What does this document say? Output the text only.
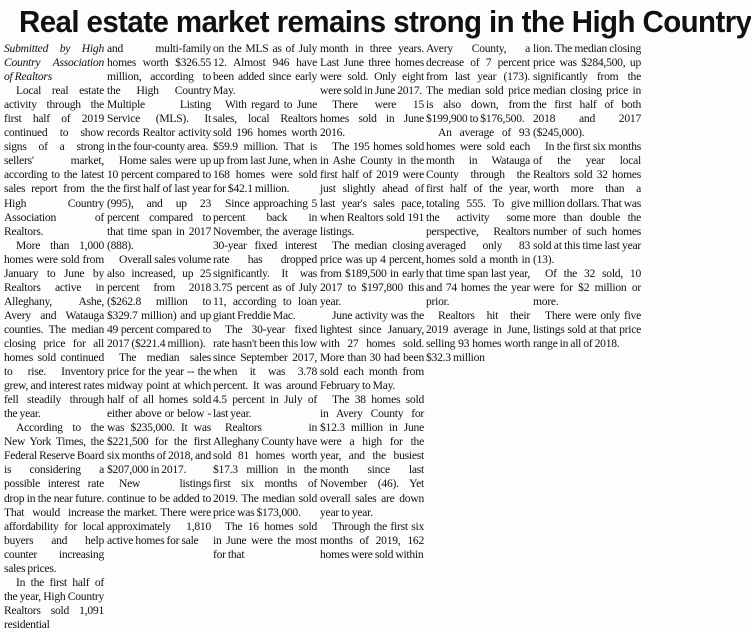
Real estate market remains strong in the High Country

Submitted by High Country Association of Realtors

Local real estate activity through the first half of 2019 continued to show signs of a strong sellers' market, according to the latest sales report from the High Country Association of Realtors.

More than 1,000 homes were sold from January to June by Realtors active in Alleghany, Ashe, Avery and Watauga counties. The median closing price for all homes sold continued to rise. Inventory grew, and interest rates fell steadily through the year.

According to the New York Times, the Federal Reserve Board is considering a possible interest rate drop in the near future. That would increase affordability for local buyers and help counter increasing sales prices.

In the first half of the year, High Country Realtors sold 1,091 residential

and multi-family homes worth $326.55 million, according to the High Country Multiple Listing Service (MLS). It records Realtor activity in the four-county area.

Home sales were up 10 percent compared to the first half of last year (995), and up 23 percent compared to that time span in 2017 (888).

Overall sales volume also increased, up 25 percent from 2018 ($262.8 million to $329.7 million) and up 49 percent compared to 2017 ($221.4 million).

The median sales price for the year -- the midway point at which half of all homes sold either above or below - was $235,000. It was $221,500 for the first six months of 2018, and $207,000 in 2017.

New listings continue to be added to the market. There were approximately 1,810 active homes for sale

on the MLS as of July 12. Almost 946 have been added since early May.

With regard to June sales, local Realtors sold 196 homes worth $59.9 million. That is up from last June, when 168 homes were sold for $42.1 million.

Since approaching 5 percent back in November, the average 30-year fixed interest rate has dropped significantly. It was 3.75 percent as of July 11, according to loan giant Freddie Mac.

The 30-year fixed rate hasn't been this low since September 2017, when it was 3.78 percent. It was around 4.5 percent in July of last year.

Realtors in Alleghany County have sold 81 homes worth $17.3 million in the first six months of 2019. The median sold price was $173,000.

The 16 homes sold in June were the most for that

month in three years. Last June three homes were sold. Only eight were sold in June 2017.

There were 15 homes sold in June 2016.

The 195 homes sold in Ashe County in the first half of 2019 were just slightly ahead of last year's sales pace, when Realtors sold 191 listings.

The median closing price was up 4 percent, from $189,500 in early 2017 to $197,800 this year.

June activity was the lightest since January, with 27 homes sold. More than 30 had been sold each month from February to May.

The 38 homes sold in Avery County for $12.3 million in June were a high for the year, and the busiest month since last November (46). Yet overall sales are down year to year.

Through the first six months of 2019, 162 homes were sold within

Avery County, a decrease of 7 percent from last year (173). The median sold price is also down, from $199,900 to $176,500.

An average of 93 homes were sold each month in Watauga County through the first half of the year, totaling 555. To give the activity some perspective, Realtors averaged only 83 homes sold a month in that time span last year, and 74 homes the year prior.

Realtors hit their 2019 average in June, selling 93 homes worth $32.3 million

lion. The median closing price was $284,500, up significantly from the median closing price in the first half of both 2018 and 2017 ($245,000).

In the first six months of the year local Realtors sold 32 homes worth more than a million dollars. That was more than double the number of such homes sold at this time last year (13).

Of the 32 sold, 10 were for $2 million or more.

There were only five listings sold at that price range in all of 2018.
